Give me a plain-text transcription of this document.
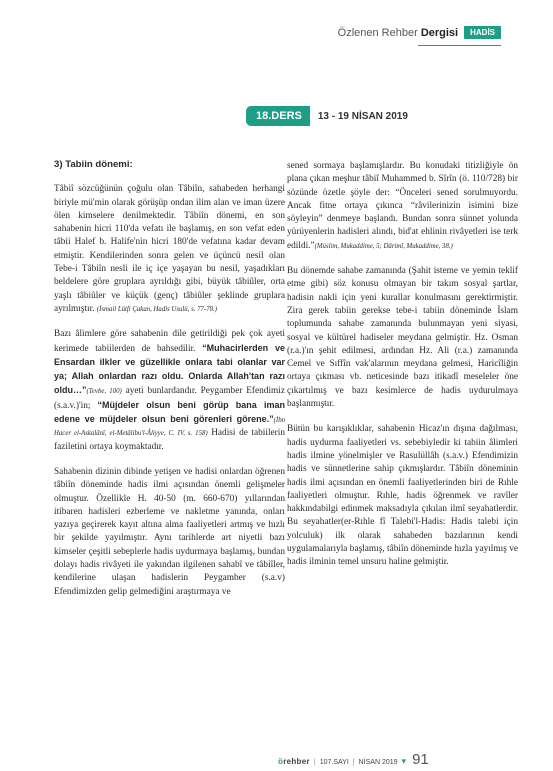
Özlenen Rehber Dergisi	HADİS
18.DERS	13 - 19 NİSAN 2019
3) Tabiin dönemi:

Tâbiî sözcüğünün çoğulu olan Tâbiîn, sahabeden herhangi biriyle mü'min olarak görüşüp ondan ilim alan ve iman üzere ölen kimselere denilmektedir. Tâbiîn dönemi, en son sahabenin hicri 110'da vefatı ile başlamış, en son vefat eden tâbii Halef b. Halife'nin hicri 180'de vefatına kadar devam etmiştir. Kendilerinden sonra gelen ve üçüncü nesil olan Tebe-i Tâbiîn nesli ile iç içe yaşayan bu nesil, yaşadıkları beldelere göre gruplara ayrıldığı gibi, büyük tâbiûler, orta yaşlı tâbiûler ve küçük (genç) tâbiûler şeklinde gruplara ayrılmıştır. (İsmail Lütfi Çakan, Hadis Usulü, s. 77-78.)

Bazı âlimlere göre sahabenin dile getirildiği pek çok ayeti kerimede tabiilerden de bahsedilir. “Muhacirlerden ve Ensardan ilkler ve güzellikle onlara tabi olanlar var ya; Allah onlardan razı oldu. Onlarda Allah'tan razı oldu…”(Tevbe, 100) ayeti bunlardandır. Peygamber Efendimiz (s.a.v.)'in; “Müjdeler olsun beni görüp bana iman edene ve müjdeler olsun beni görenleri görene.”(İbn Hacer el-Askalânî, el-Metâlibu'l-Âliyye, C. IV, s. 158) Hadisi de tabiilerin faziletini ortaya koymaktadır.

Sahabenin dizinin dibinde yetişen ve hadisi onlardan öğrenen tâbiîn döneminde hadis ilmi açısından önemli gelişmeler olmuştur. Özellikle H. 40-50 (m. 660-670) yıllarından itibaren hadisleri ezberleme ve nakletme yanında, onları yazıya geçirerek kayıt altına alma faaliyetleri artmış ve hızlı bir şekilde yayılmıştır. Aynı tarihlerde art niyetli bazı kimseler çeşitli sebeplerle hadis uydurmaya başlamış, bundan dolayı hadis rivâyeti ile yakından ilgilenen sahabî ve tâbiîler, kendilerine ulaşan hadislerin Peygamber (s.a.v) Efendimizden gelip gelmediğini araştırmaya ve

sened sormaya başlamışlardır. Bu konudaki titizliğiyle ön plana çıkan meşhur tâbiî Muhammed b. Sîrîn (ö. 110/728) bir sözünde özetle şöyle der: “Önceleri sened sorulmuyordu. Ancak fitne ortaya çıkınca “râvilerinizin isimini bize söyleyin” denmeye başlandı. Bundan sonra sünnet yolunda yürüyenlerin hadisleri alındı, bid'at ehlinin rivâyetleri ise terk edildi.”(Müslim, Mukaddime, 5; Dârimî, Mukaddime, 38.)

Bu dönemde sahabe zamanında (Şahit isteme ve yemin teklif etme gibi) söz konusu olmayan bir takım sosyal şartlar, hadisin nakli için yeni kurallar konulmasını gerektirmiştir. Zira gerek tabiin gerekse tebe-i tabiin döneminde İslam toplumunda sahabe zamanında bulunmayan yeni siyasi, sosyal ve kültürel hadiseler meydana gelmiştir. Hz. Osman (r.a.)'ın şehit edilmesi, ardından Hz. Ali (r.a.) zamanında Cemel ve Sıffîn vak'alarının meydana gelmesi, Haricîliğin ortaya çıkması vb. neticesinde bazı itikadî meseleler öne çıkartılmış ve bazı kesimlerce de hadis uydurulmaya başlanmıştır.

Bütün bu karışıklıklar, sahabenin Hicaz'ın dışına dağılması, hadis uydurma faaliyetleri vs. sebebiyledir ki tabiin âlimleri hadis ilmine yönelmişler ve Rasulüllâh (s.a.v.) Efendimizin hadis ve sünnetlerine sahip çıkmışlardır. Tâbiîn döneminin hadis ilmi açısından en önemli faaliyetlerinden biri de Rıhle faaliyetleri olmuştur. Rıhle, hadis öğrenmek ve ravîler hakkındabilgi edinmek maksadıyla çıkılan ilmî seyahatlerdir. Bu seyahatler(er-Rıhle fî Talebi'l-Hadis: Hadis talebi için yolculuk) ilk olarak sahabeden bazılarının kendi uygulamalarıyla başlamış, tâbiîn döneminde hızla yayılmış ve hadis ilminin temel unsuru haline gelmiştir.

örehber | 107.SAYI | NİSAN 2019 ▾ 91
